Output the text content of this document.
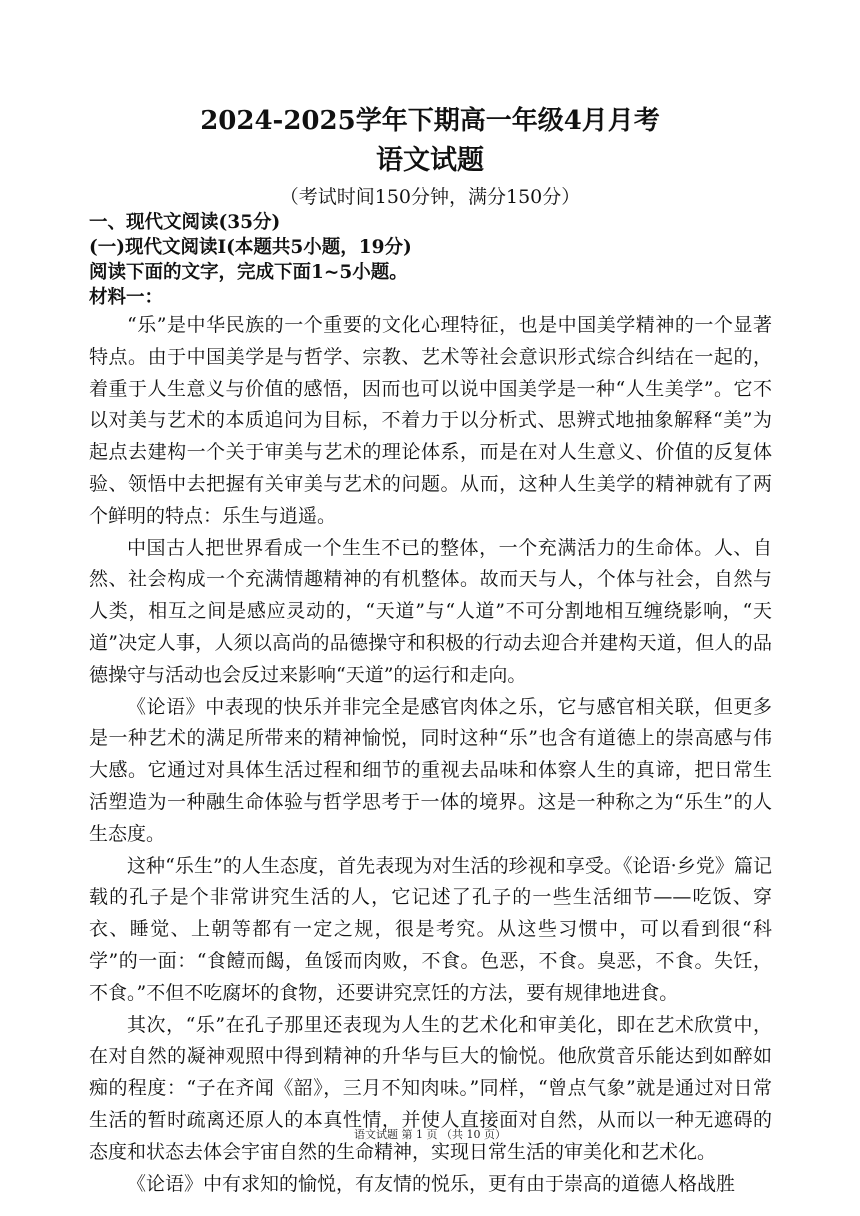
2024-2025学年下期高一年级4月月考
语文试题
（考试时间150分钟，满分150分）
一、现代文阅读(35分)
(一)现代文阅读Ⅰ(本题共5小题，19分)
阅读下面的文字，完成下面1~5小题。
材料一：

“乐”是中华民族的一个重要的文化心理特征，也是中国美学精神的一个显著特点。由于中国美学是与哲学、宗教、艺术等社会意识形式综合纠结在一起的，着重于人生意义与价值的感悟，因而也可以说中国美学是一种“人生美学”。它不以对美与艺术的本质追问为目标，不着力于以分析式、思辨式地抽象解释“美”为起点去建构一个关于审美与艺术的理论体系，而是在对人生意义、价值的反复体验、领悟中去把握有关审美与艺术的问题。从而，这种人生美学的精神就有了两个鲜明的特点：乐生与逍遥。

中国古人把世界看成一个生生不已的整体，一个充满活力的生命体。人、自然、社会构成一个充满情趣精神的有机整体。故而天与人，个体与社会，自然与人类，相互之间是感应灵动的，“天道”与“人道”不可分割地相互缠绕影响，“天道”决定人事，人须以高尚的品德操守和积极的行动去迎合并建构天道，但人的品德操守与活动也会反过来影响“天道”的运行和走向。

《论语》中表现的快乐并非完全是感官肉体之乐，它与感官相关联，但更多是一种艺术的满足所带来的精神愉悦，同时这种“乐”也含有道德上的崇高感与伟大感。它通过对具体生活过程和细节的重视去品味和体察人生的真谛，把日常生活塑造为一种融生命体验与哲学思考于一体的境界。这是一种称之为“乐生”的人生态度。

这种“乐生”的人生态度，首先表现为对生活的珍视和享受。《论语·乡党》篇记载的孔子是个非常讲究生活的人，它记述了孔子的一些生活细节——吃饭、穿衣、睡觉、上朝等都有一定之规，很是考究。从这些习惯中，可以看到很“科学”的一面：“食饐而餲，鱼馁而肉败，不食。色恶，不食。臭恶，不食。失饪，不食。”不但不吃腐坏的食物，还要讲究烹饪的方法，要有规律地进食。

其次，“乐”在孔子那里还表现为人生的艺术化和审美化，即在艺术欣赏中，在对自然的凝神观照中得到精神的升华与巨大的愉悦。他欣赏音乐能达到如醉如痴的程度：“子在齐闻《韶》，三月不知肉味。”同样，“曾点气象”就是通过对日常生活的暂时疏离还原人的本真性情，并使人直接面对自然，从而以一种无遮碍的态度和状态去体会宇宙自然的生命精神，实现日常生活的审美化和艺术化。

《论语》中有求知的愉悦，有友情的悦乐，更有由于崇高的道德人格战胜

语文试题 第 1 页 （共 10 页）
